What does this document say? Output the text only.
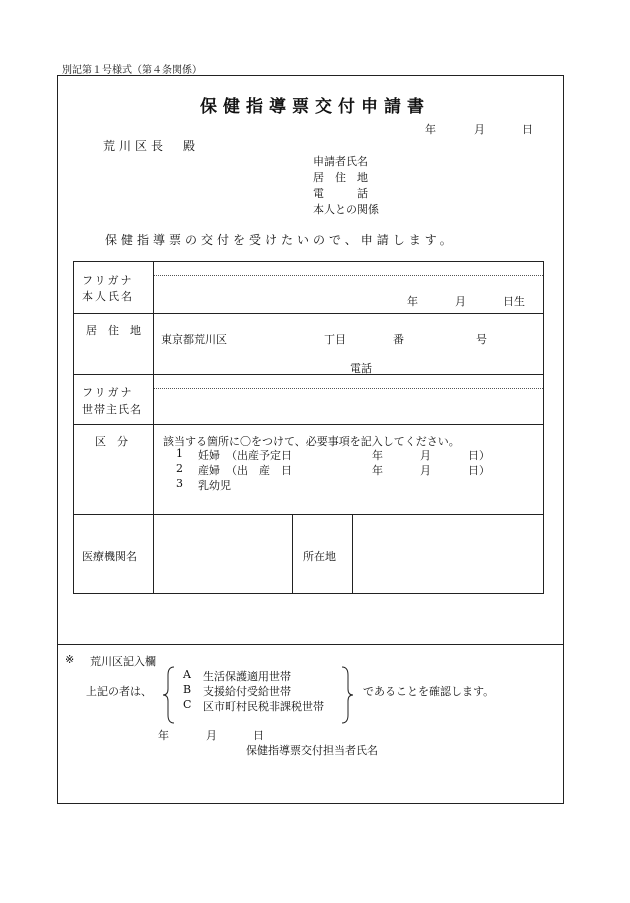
別記第１号様式（第４条関係）
保健指導票交付申請書
年	月	日
荒川区長　殿
申請者氏名
居　住　地
電　　　話
本人との関係
保健指導票の交付を受けたいので、申請します。
フリガナ
本人氏名	年	月	日生
居　住　地
東京都荒川区	丁目	番	号
電話
フリガナ
世帯主氏名
区　分	該当する箇所に〇をつけて、必要事項を記入してください。
1 妊婦 （出産予定日	年	月	日）
2 産婦 （出　産　日	年	月	日）
3 乳幼児
医療機関名	所在地
※ 荒川区記入欄
上記の者は、
A 生活保護適用世帯
B 支援給付受給世帯
C 区市町村民税非課税世帯
であることを確認します。
年	月	日
保健指導票交付担当者氏名
